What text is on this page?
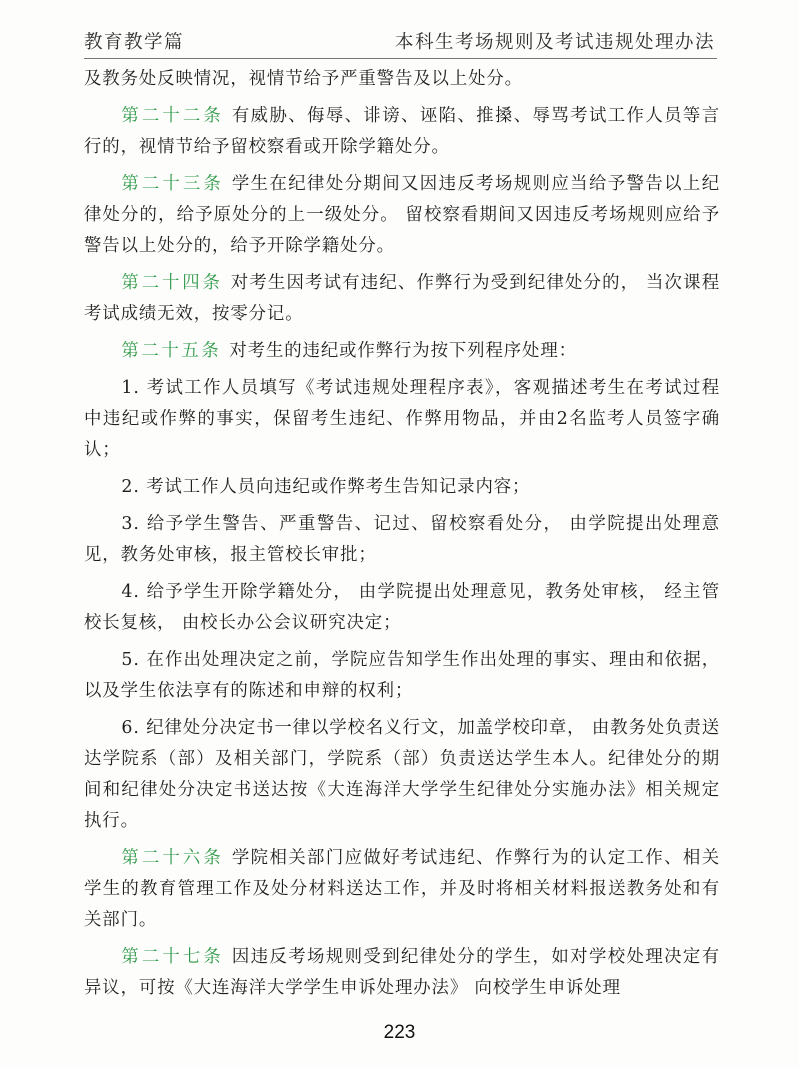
教育教学篇	本科生考场规则及考试违规处理办法

及教务处反映情况，视情节给予严重警告及以上处分。

第二十二条 有威胁、侮辱、诽谤、诬陷、推搡、辱骂考试工作人员等言行的，视情节给予留校察看或开除学籍处分。

第二十三条 学生在纪律处分期间又因违反考场规则应当给予警告以上纪律处分的，给予原处分的上一级处分。 留校察看期间又因违反考场规则应给予警告以上处分的，给予开除学籍处分。

第二十四条 对考生因考试有违纪、作弊行为受到纪律处分的， 当次课程考试成绩无效，按零分记。

第二十五条 对考生的违纪或作弊行为按下列程序处理：

1. 考试工作人员填写《考试违规处理程序表》，客观描述考生在考试过程中违纪或作弊的事实，保留考生违纪、作弊用物品，并由2名监考人员签字确认；

2. 考试工作人员向违纪或作弊考生告知记录内容；

3. 给予学生警告、严重警告、记过、留校察看处分， 由学院提出处理意见，教务处审核，报主管校长审批；

4. 给予学生开除学籍处分， 由学院提出处理意见，教务处审核， 经主管校长复核， 由校长办公会议研究决定；

5. 在作出处理决定之前，学院应告知学生作出处理的事实、理由和依据，以及学生依法享有的陈述和申辩的权利；

6. 纪律处分决定书一律以学校名义行文，加盖学校印章， 由教务处负责送达学院系（部）及相关部门，学院系（部）负责送达学生本人。纪律处分的期间和纪律处分决定书送达按《大连海洋大学学生纪律处分实施办法》相关规定执行。

第二十六条 学院相关部门应做好考试违纪、作弊行为的认定工作、相关学生的教育管理工作及处分材料送达工作，并及时将相关材料报送教务处和有关部门。

第二十七条 因违反考场规则受到纪律处分的学生，如对学校处理决定有异议，可按《大连海洋大学学生申诉处理办法》 向校学生申诉处理

223
